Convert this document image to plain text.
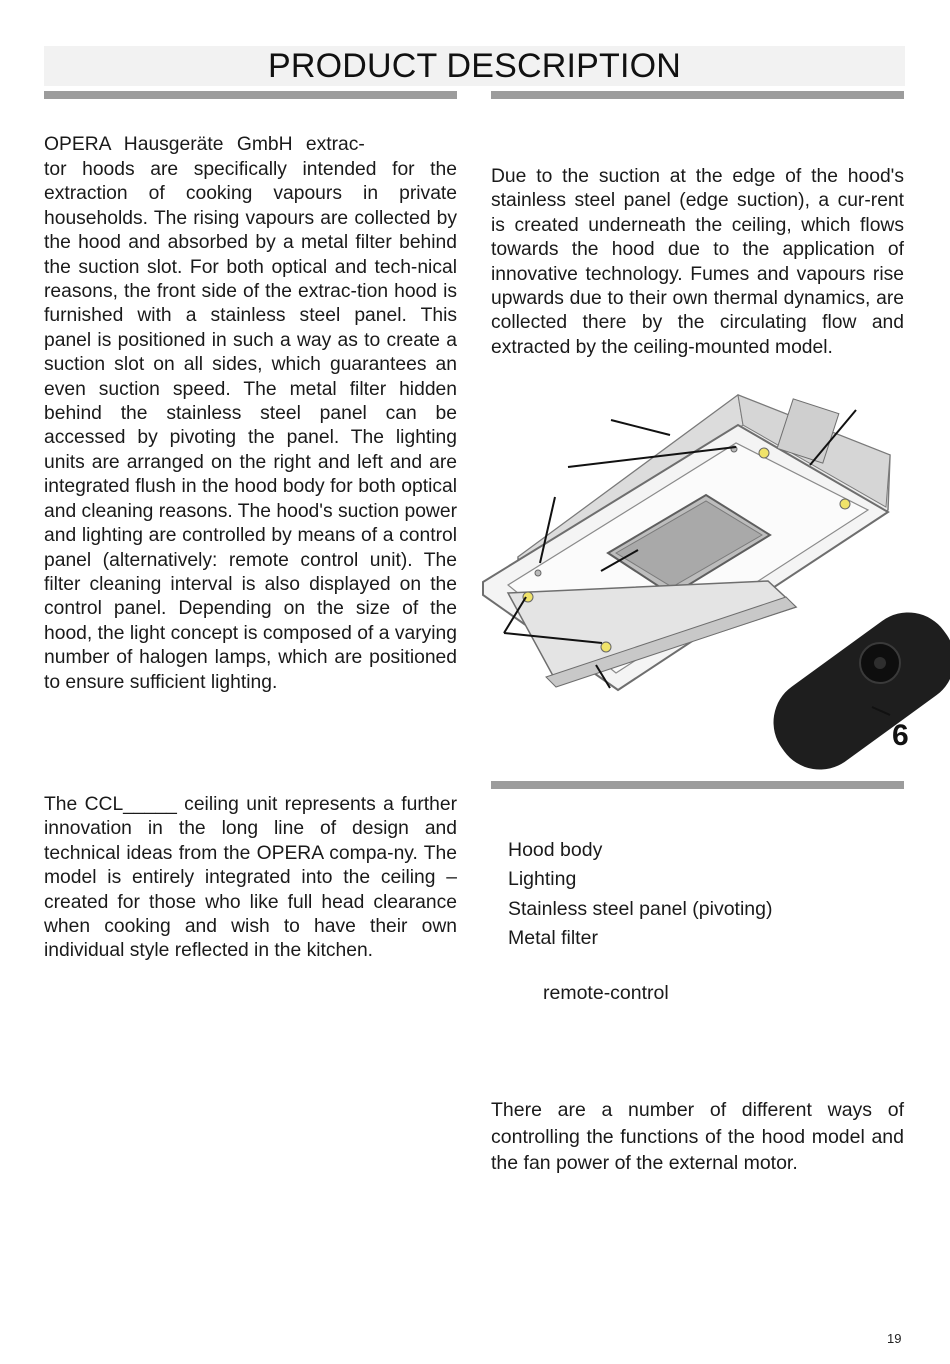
PRODUCT DESCRIPTION

OPERA Hausgeräte GmbH extrac-

tor hoods are specifically intended for the extraction of cooking vapours in private households. The rising vapours are collected by the hood and absorbed by a metal filter behind the suction slot. For both optical and tech-nical reasons, the front side of the extrac-tion hood is furnished with a stainless steel panel. This panel is positioned in such a way as to create a suction slot on all sides, which guarantees an even suction speed. The metal filter hidden behind the stainless steel panel can be accessed by pivoting the panel. The lighting units are arranged on the right and left and are integrated flush in the hood body for both optical and cleaning reasons. The hood's suction power and lighting are controlled by means of a control panel (alternatively: remote control unit). The filter cleaning interval is also displayed on the control panel. Depending on the size of the hood, the light concept is composed of a varying number of halogen lamps, which are positioned to ensure sufficient lighting.

The CCL_____ ceiling unit represents a further innovation in the long line of design and technical ideas from the OPERA compa-ny. The model is entirely integrated into the ceiling – created for those who like full head clearance when cooking and wish to have their own individual style reflected in the kitchen.

Due to the suction at the edge of the hood's stainless steel panel (edge suction), a cur-rent is created underneath the ceiling, which flows towards the hood due to the application of innovative technology. Fumes and vapours rise upwards due to their own thermal dynamics, are collected there by the circulating flow and extracted by the ceiling-mounted model.

6
Hood body
Lighting
Stainless steel panel (pivoting)
Metal filter
remote-control

There are a number of different ways of controlling the functions of the hood model and the fan power of the external motor.

19
